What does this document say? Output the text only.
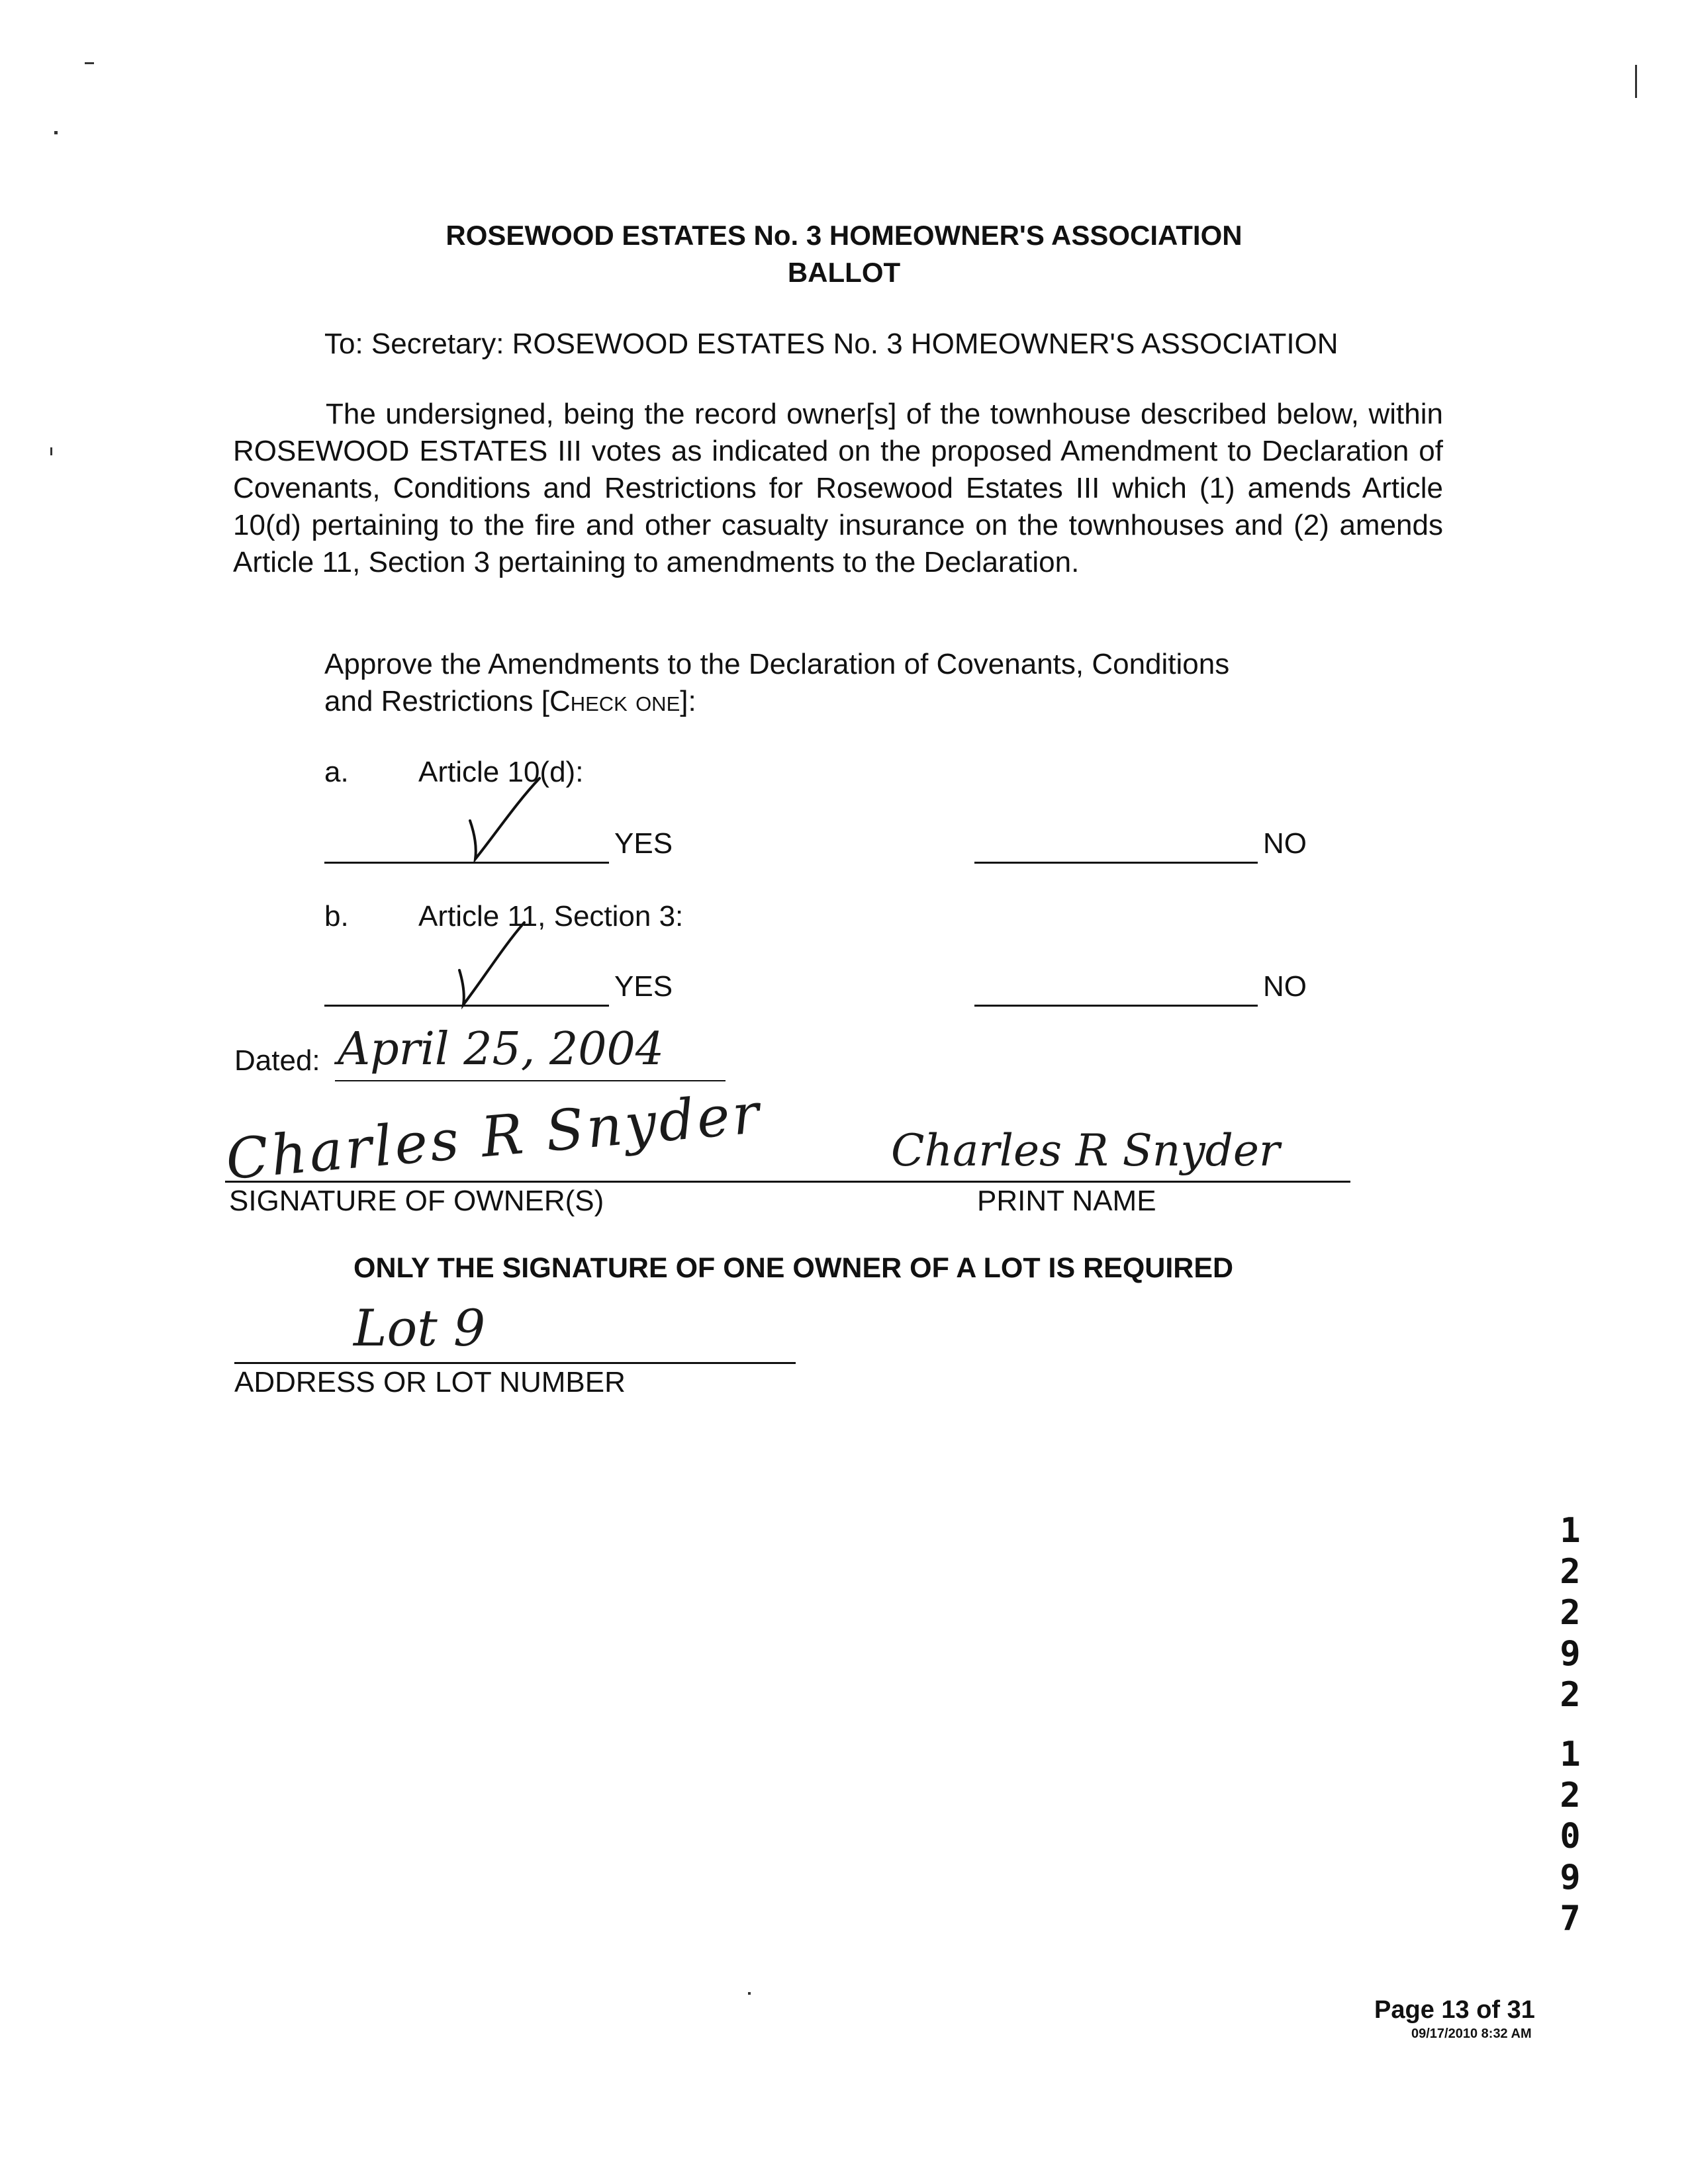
ROSEWOOD ESTATES No. 3 HOMEOWNER'S ASSOCIATION
BALLOT
To: Secretary: ROSEWOOD ESTATES No. 3 HOMEOWNER'S ASSOCIATION
The undersigned, being the record owner[s] of the townhouse described below, within ROSEWOOD ESTATES III votes as indicated on the proposed Amendment to Declaration of Covenants, Conditions and Restrictions for Rosewood Estates III which (1) amends Article 10(d) pertaining to the fire and other casualty insurance on the townhouses and (2) amends Article 11, Section 3 pertaining to amendments to the Declaration.
Approve the Amendments to the Declaration of Covenants, Conditions
and Restrictions [Check one]:
a. Article 10(d):
YES	NO
b. Article 11, Section 3:
YES	NO
Dated: April 25, 2004
Charles R Snyder
SIGNATURE OF OWNER(S)
Charles R Snyder
PRINT NAME
ONLY THE SIGNATURE OF ONE OWNER OF A LOT IS REQUIRED
Lot 9
ADDRESS OR LOT NUMBER
1
2
2
9
2
1
2
0
9
7
Page 13 of 31
09/17/2010 8:32 AM
